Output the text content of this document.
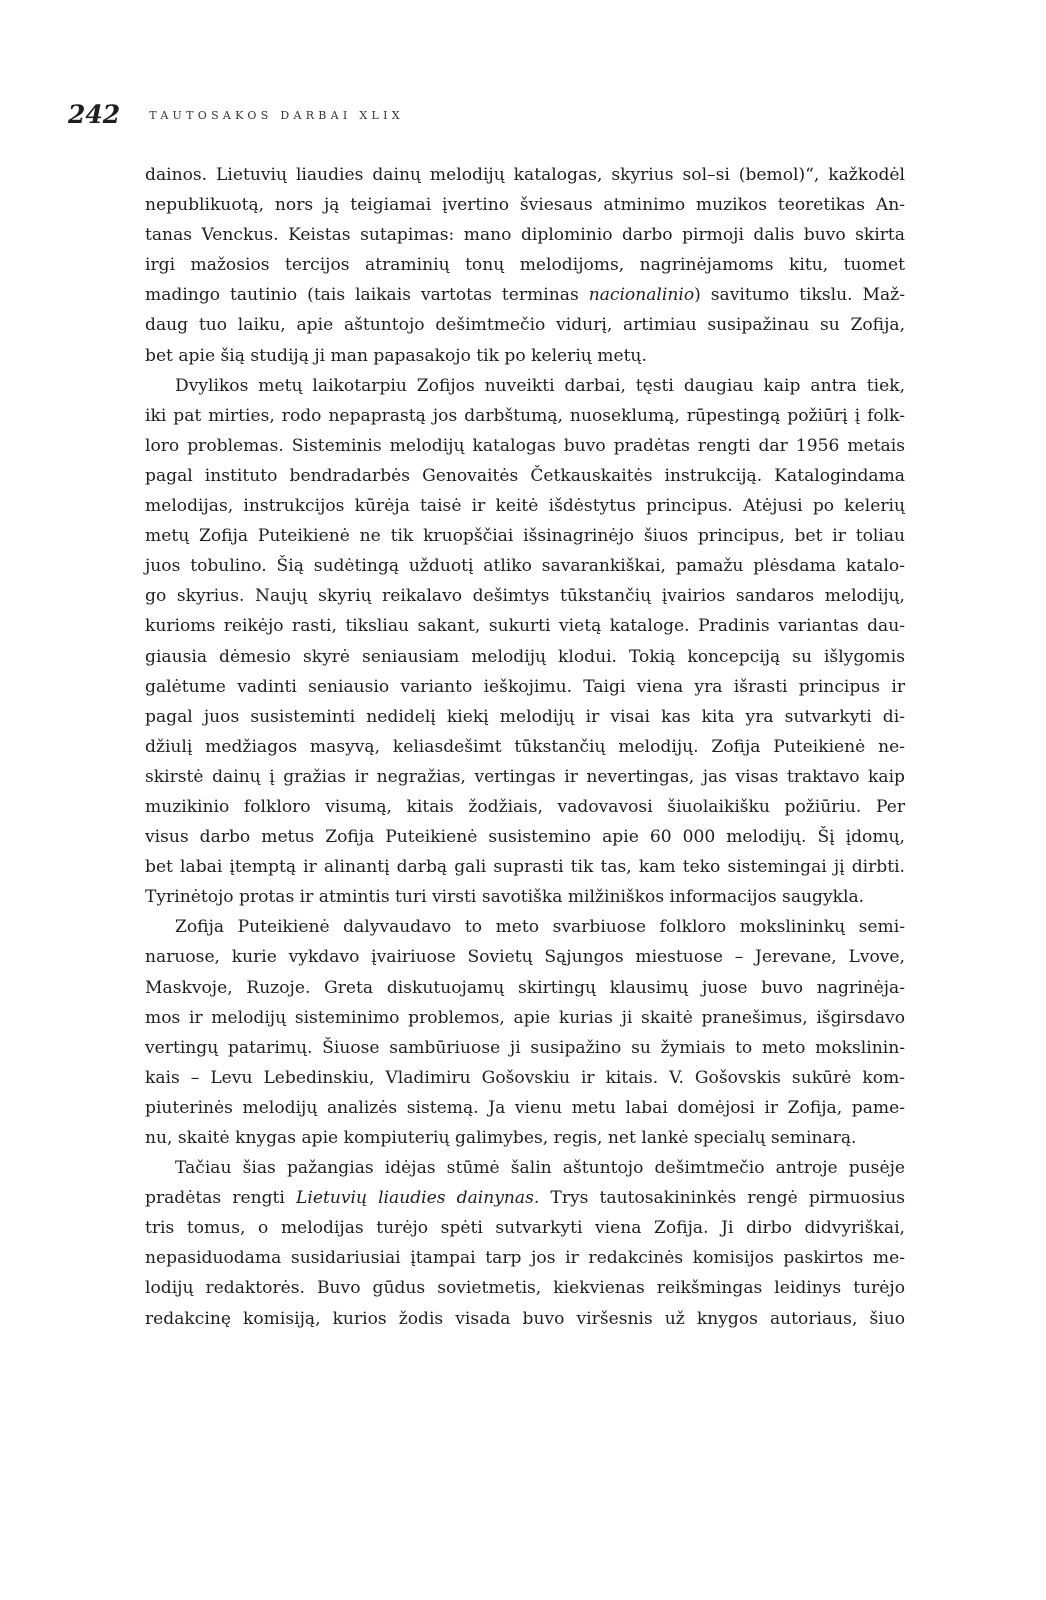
242	$^{TAUTOSAKOS DARBAI XLIX}$

dainos. Lietuvių liaudies dainų melodijų katalogas, skyrius sol–si (bemol)“, kažkodėl
nepublikuotą, nors ją teigiamai įvertino šviesaus atminimo muzikos teoretikas An-
tanas Venckus. Keistas sutapimas: mano diplominio darbo pirmoji dalis buvo skirta
irgi mažosios tercijos atraminių tonų melodijoms, nagrinėjamoms kitu, tuomet
madingo tautinio (tais laikais vartotas terminas nacionalinio) savitumo tikslu. Maž-
daug tuo laiku, apie aštuntojo dešimtmečio vidurį, artimiau susipažinau su Zofija,
bet apie šią studiją ji man papasakojo tik po kelerių metų.

Dvylikos metų laikotarpiu Zofijos nuveikti darbai, tęsti daugiau kaip antra tiek,
iki pat mirties, rodo nepaprastą jos darbštumą, nuoseklumą, rūpestingą požiūrį į folk-
loro problemas. Sisteminis melodijų katalogas buvo pradėtas rengti dar 1956 metais
pagal instituto bendradarbės Genovaitės Četkauskaitės instrukciją. Katalogindama
melodijas, instrukcijos kūrėja taisė ir keitė išdėstytus principus. Atėjusi po kelerių
metų Zofija Puteikienė ne tik kruopščiai išsinagrinėjo šiuos principus, bet ir toliau
juos tobulino. Šią sudėtingą užduotį atliko savarankiškai, pamažu plėsdama katalo-
go skyrius. Naujų skyrių reikalavo dešimtys tūkstančių įvairios sandaros melodijų,
kurioms reikėjo rasti, tiksliau sakant, sukurti vietą kataloge. Pradinis variantas dau-
giausia dėmesio skyrė seniausiam melodijų klodui. Tokią koncepciją su išlygomis
galėtume vadinti seniausio varianto ieškojimu. Taigi viena yra išrasti principus ir
pagal juos susisteminti nedidelį kiekį melodijų ir visai kas kita yra sutvarkyti di-
džiulį medžiagos masyvą, keliasdešimt tūkstančių melodijų. Zofija Puteikienė ne-
skirstė dainų į gražias ir negražias, vertingas ir nevertingas, jas visas traktavo kaip
muzikinio folkloro visumą, kitais žodžiais, vadovavosi šiuolaikišku požiūriu. Per
visus darbo metus Zofija Puteikienė susistemino apie 60 000 melodijų. Šį įdomų,
bet labai įtemptą ir alinantį darbą gali suprasti tik tas, kam teko sistemingai jį dirbti.
Tyrinėtojo protas ir atmintis turi virsti savotiška milžiniškos informacijos saugykla.

Zofija Puteikienė dalyvaudavo to meto svarbiuose folkloro mokslininkų semi-
naruose, kurie vykdavo įvairiuose Sovietų Sąjungos miestuose – Jerevane, Lvove,
Maskvoje, Ruzoje. Greta diskutuojamų skirtingų klausimų juose buvo nagrinėja-
mos ir melodijų sisteminimo problemos, apie kurias ji skaitė pranešimus, išgirsdavo
vertingų patarimų. Šiuose sambūriuose ji susipažino su žymiais to meto mokslinin-
kais – Levu Lebedinskiu, Vladimiru Gošovskiu ir kitais. V. Gošovskis sukūrė kom-
piuterinės melodijų analizės sistemą. Ja vienu metu labai domėjosi ir Zofija, pame-
nu, skaitė knygas apie kompiuterių galimybes, regis, net lankė specialų seminarą.

Tačiau šias pažangias idėjas stūmė šalin aštuntojo dešimtmečio antroje pusėje
pradėtas rengti Lietuvių liaudies dainynas. Trys tautosakininkės rengė pirmuosius
tris tomus, o melodijas turėjo spėti sutvarkyti viena Zofija. Ji dirbo didvyriškai,
nepasiduodama susidariusiai įtampai tarp jos ir redakcinės komisijos paskirtos me-
lodijų redaktorės. Buvo gūdus sovietmetis, kiekvienas reikšmingas leidinys turėjo
redakcinę komisiją, kurios žodis visada buvo viršesnis už knygos autoriaus, šiuo
